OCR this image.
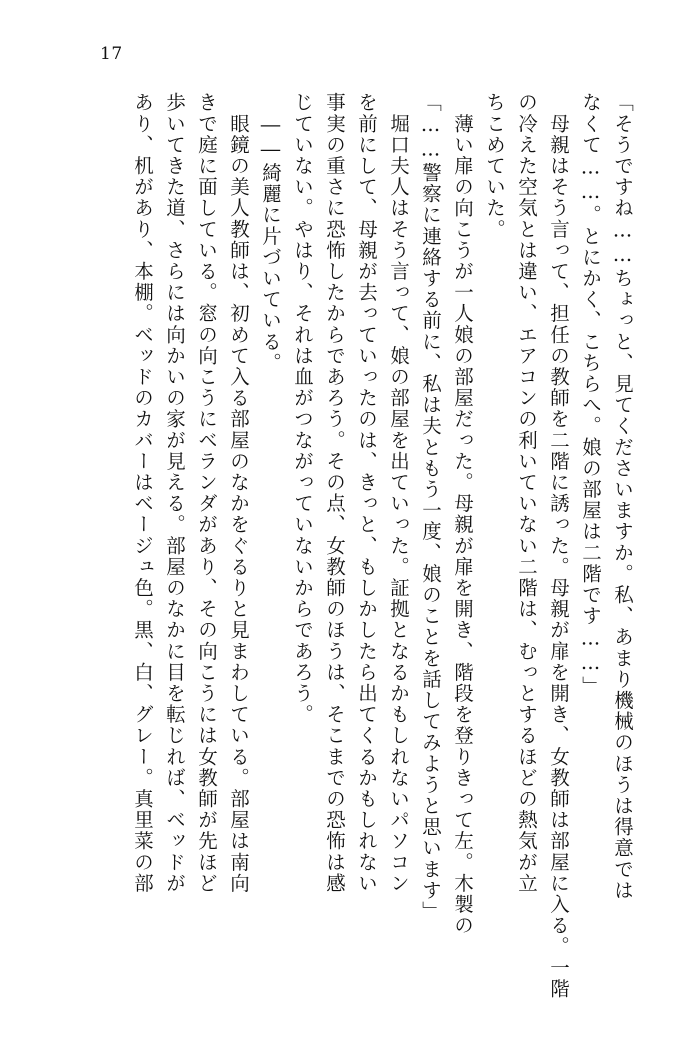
17
「そうですね……ちょっと、見てくださいますか。私、あまり機械のほうは得意では
なくて……。とにかく、こちらへ。娘の部屋は二階です……」
　母親はそう言って、担任の教師を二階に誘った。母親が扉を開き、女教師は部屋に入る。一階
の冷えた空気とは違い、エアコンの利いていない二階は、むっとするほどの熱気が立
ちこめていた。
　薄い扉の向こうが一人娘の部屋だった。母親が扉を開き、階段を登りきって左。木製の
「……警察に連絡する前に、私は夫ともう一度、娘のことを話してみようと思います」
　堀口夫人はそう言って、娘の部屋を出ていった。証拠となるかもしれないパソコン
を前にして、母親が去っていったのは、きっと、もしかしたら出てくるかもしれない
事実の重さに恐怖したからであろう。その点、女教師のほうは、そこまでの恐怖は感
じていない。やはり、それは血がつながっていないからであろう。
　――綺麗に片づいている。
　眼鏡の美人教師は、初めて入る部屋のなかをぐるりと見まわしている。部屋は南向
きで庭に面している。窓の向こうにベランダがあり、その向こうには女教師が先ほど
歩いてきた道、さらには向かいの家が見える。部屋のなかに目を転じれば、ベッドが
あり、机があり、本棚。ベッドのカバーはベージュ色。黒、白、グレー。真里菜の部
